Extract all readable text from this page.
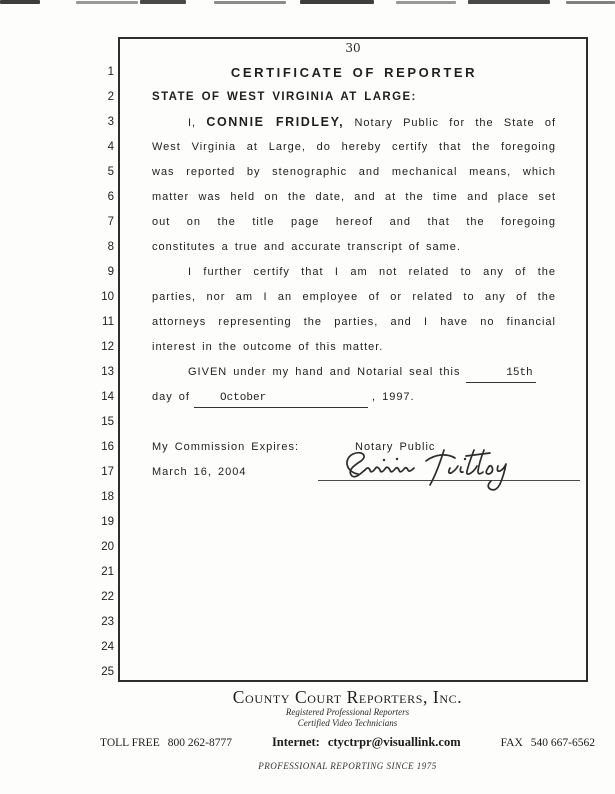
1
2
3
4
5
6
7
8
9
10
11
12
13
14
15
16
17
18
19
20
21
22
23
24
25
30
CERTIFICATE OF REPORTER
STATE OF WEST VIRGINIA AT LARGE:
I, CONNIE FRIDLEY, Notary Public for the State of
West Virginia at Large, do hereby certify that the foregoing
was reported by stenographic and mechanical means, which
matter was held on the date, and at the time and place set
out on the title page hereof and that the foregoing
constitutes a true and accurate transcript of same.
I further certify that I am not related to any of the
parties, nor am I an employee of or related to any of the
attorneys representing the parties, and I have no financial
interest in the outcome of this matter.
GIVEN under my hand and Notarial seal this	15th
day of	October	, 1997.
My Commission Expires:	Notary Public
March 16, 2004
County Court Reporters, Inc.
Registered Professional Reporters
Certified Video Technicians
TOLL FREE 800 262-8777	Internet: ctyctrpr@visuallink.com	FAX 540 667-6562
PROFESSIONAL REPORTING SINCE 1975
